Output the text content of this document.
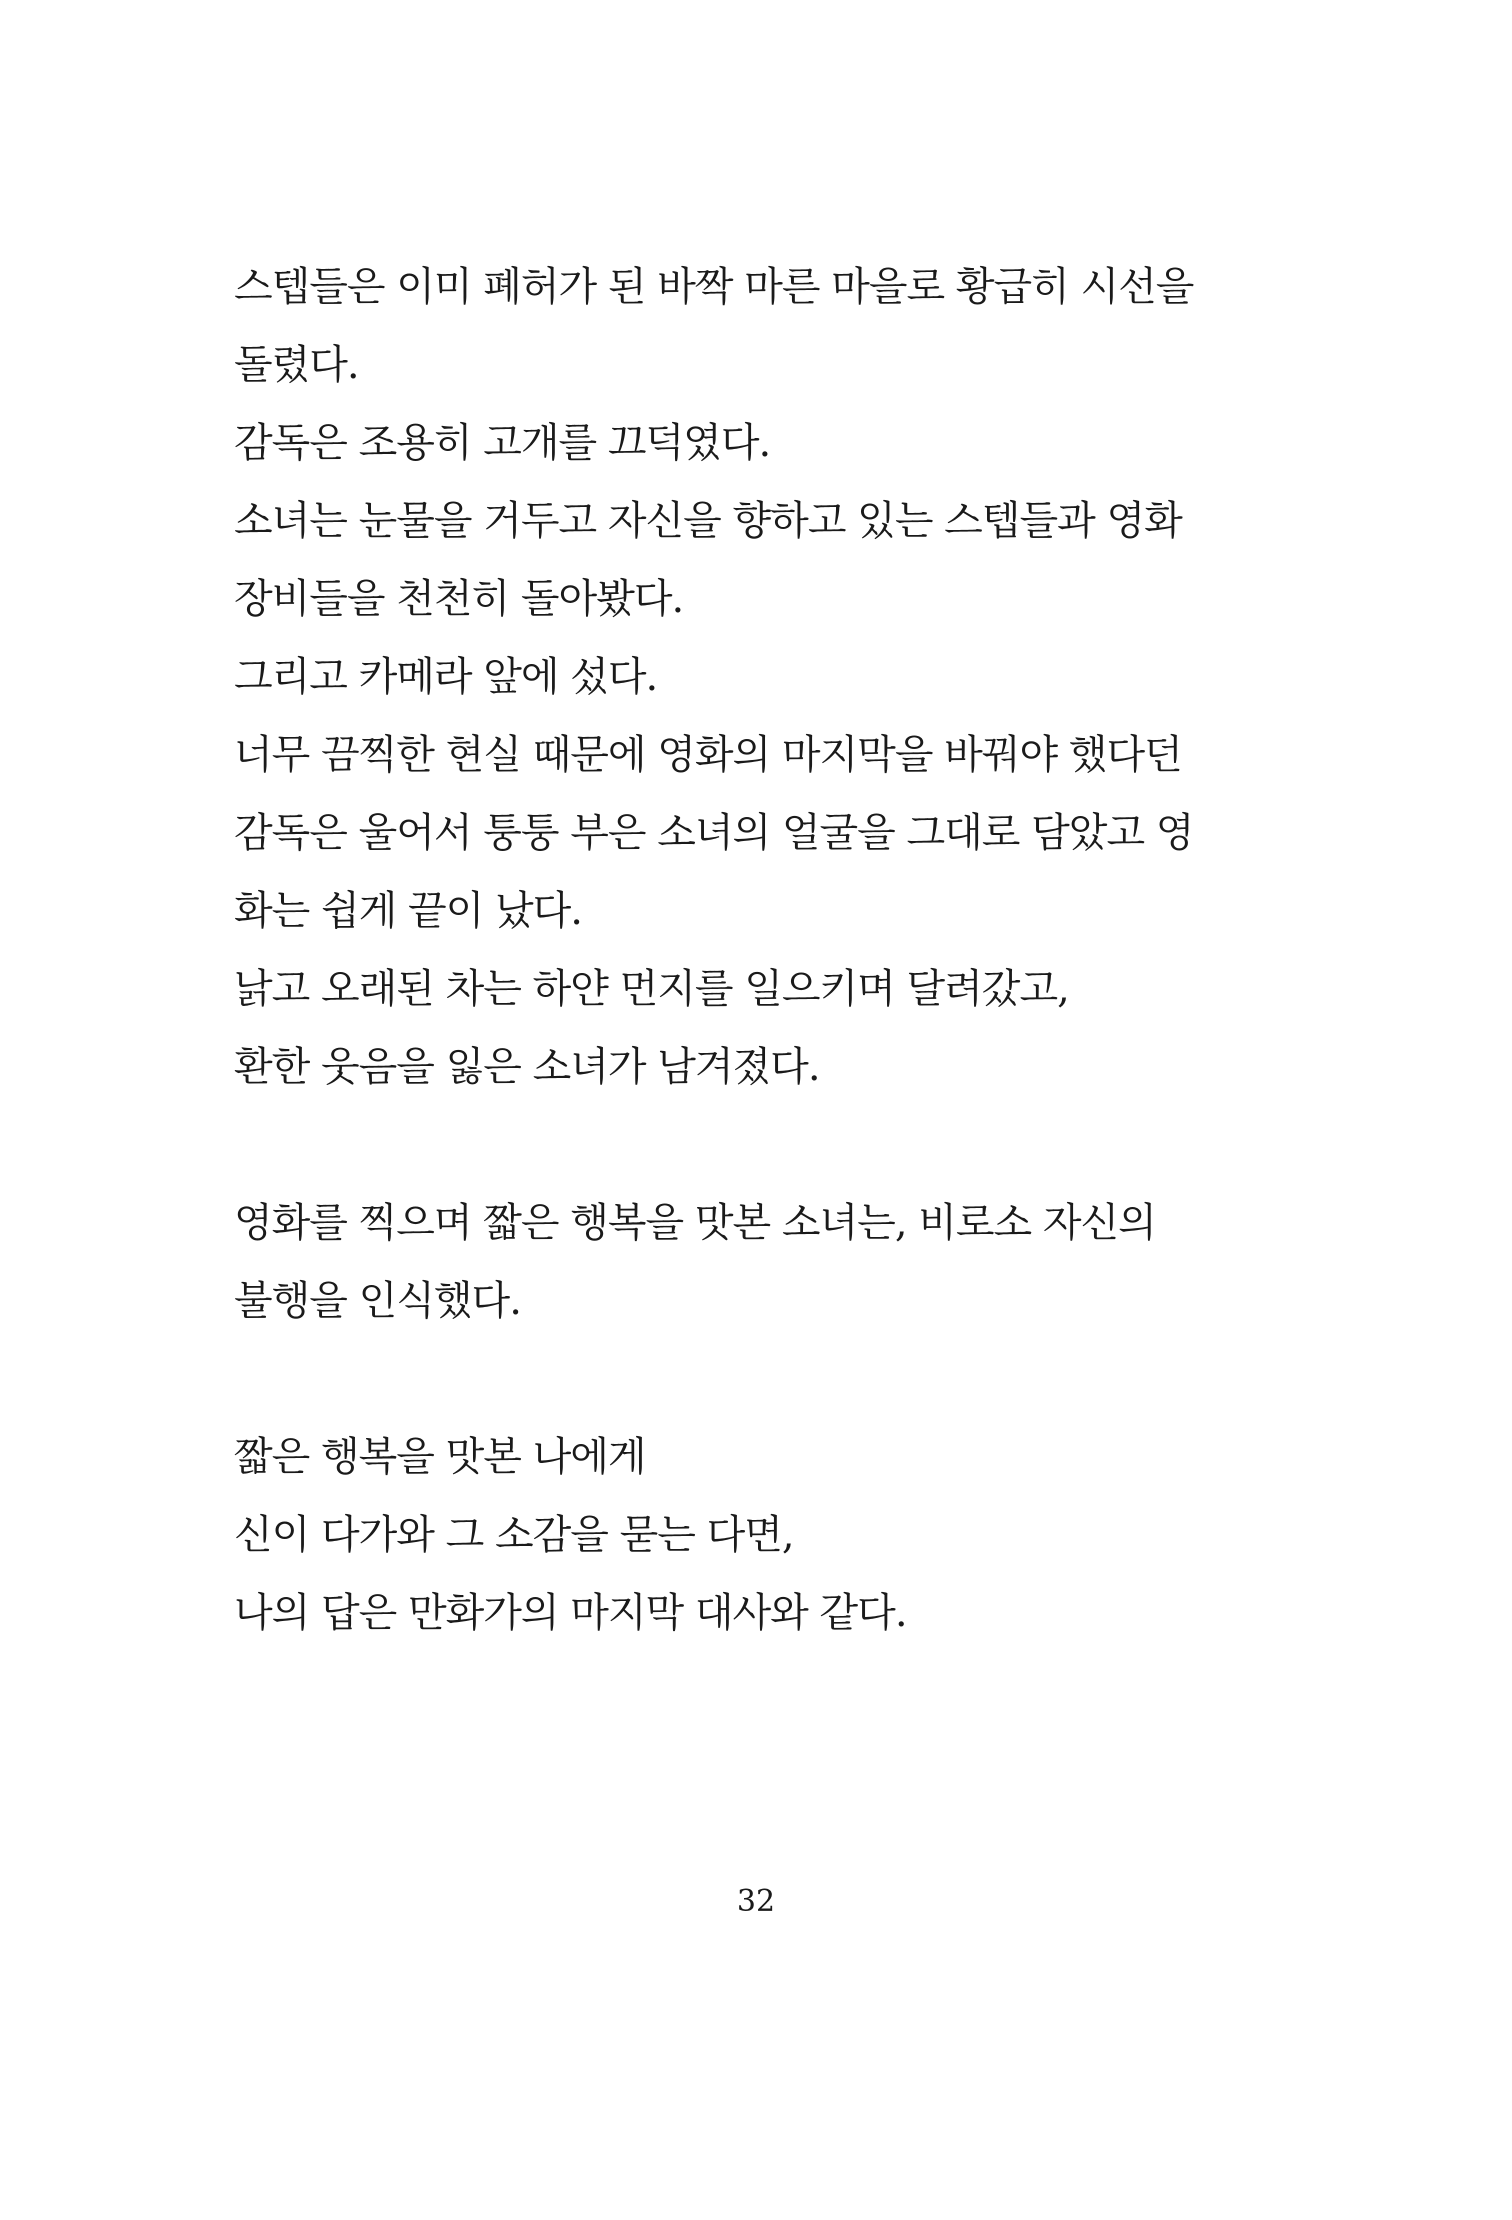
스텝들은 이미 폐허가 된 바짝 마른 마을로 황급히 시선을
돌렸다.
감독은 조용히 고개를 끄덕였다.
소녀는 눈물을 거두고 자신을 향하고 있는 스텝들과 영화
장비들을 천천히 돌아봤다.
그리고 카메라 앞에 섰다.
너무 끔찍한 현실 때문에 영화의 마지막을 바꿔야 했다던
감독은 울어서 퉁퉁 부은 소녀의 얼굴을 그대로 담았고 영
화는 쉽게 끝이 났다.
낡고 오래된 차는 하얀 먼지를 일으키며 달려갔고,
환한 웃음을 잃은 소녀가 남겨졌다.
영화를 찍으며 짧은 행복을 맛본 소녀는, 비로소 자신의
불행을 인식했다.
짧은 행복을 맛본 나에게
신이 다가와 그 소감을 묻는 다면,
나의 답은 만화가의 마지막 대사와 같다.
32
